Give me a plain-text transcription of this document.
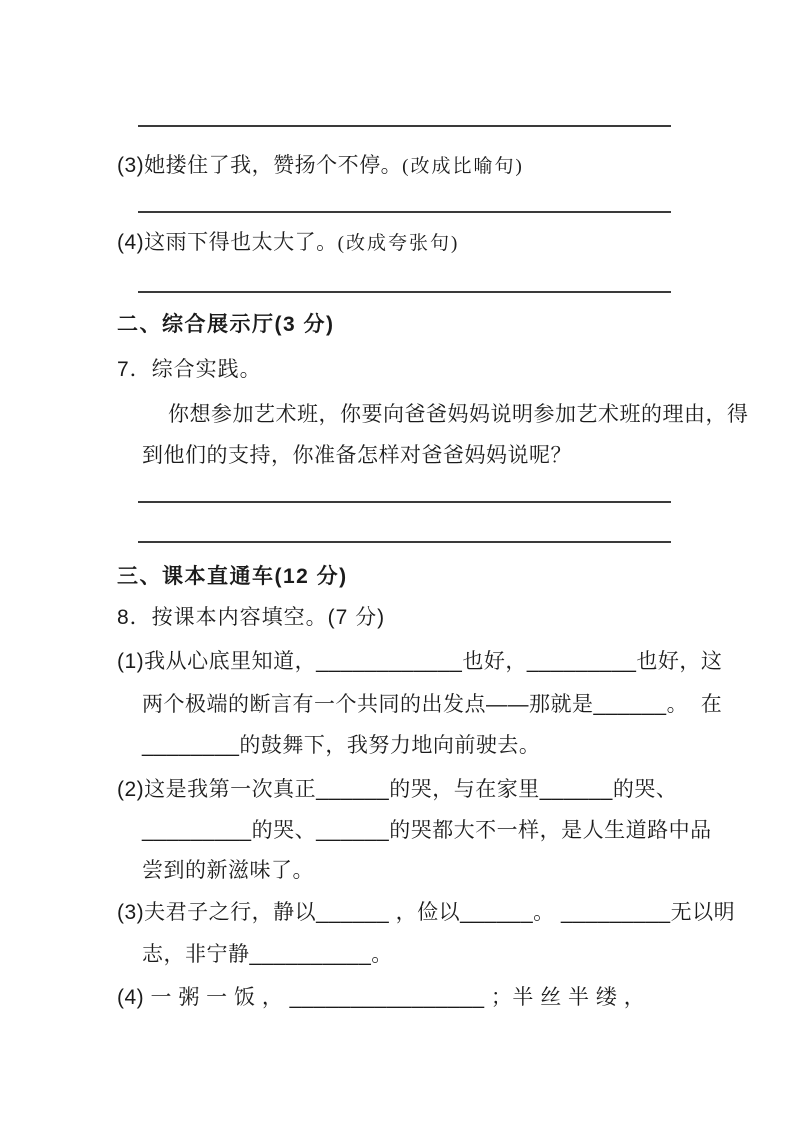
(3)她搂住了我，赞扬个不停。(改成比喻句)
(4)这雨下得也太大了。(改成夸张句)
二、综合展示厅(3 分)
7．综合实践。
你想参加艺术班，你要向爸爸妈妈说明参加艺术班的理由，得
到他们的支持，你准备怎样对爸爸妈妈说呢？
三、课本直通车(12 分)
8．按课本内容填空。(7 分)
(1)我从心底里知道，____________也好，_________也好，这
两个极端的断言有一个共同的出发点——那就是______。  在
________的鼓舞下，我努力地向前驶去。
(2)这是我第一次真正______的哭，与在家里______的哭、
_________的哭、______的哭都大不一样，是人生道路中品
尝到的新滋味了。
(3)夫君子之行，静以______ ，俭以______。 _________无以明
志，非宁静__________。
(4) 一 粥 一 饭 ， ________________ ；半 丝 半 缕 ，
